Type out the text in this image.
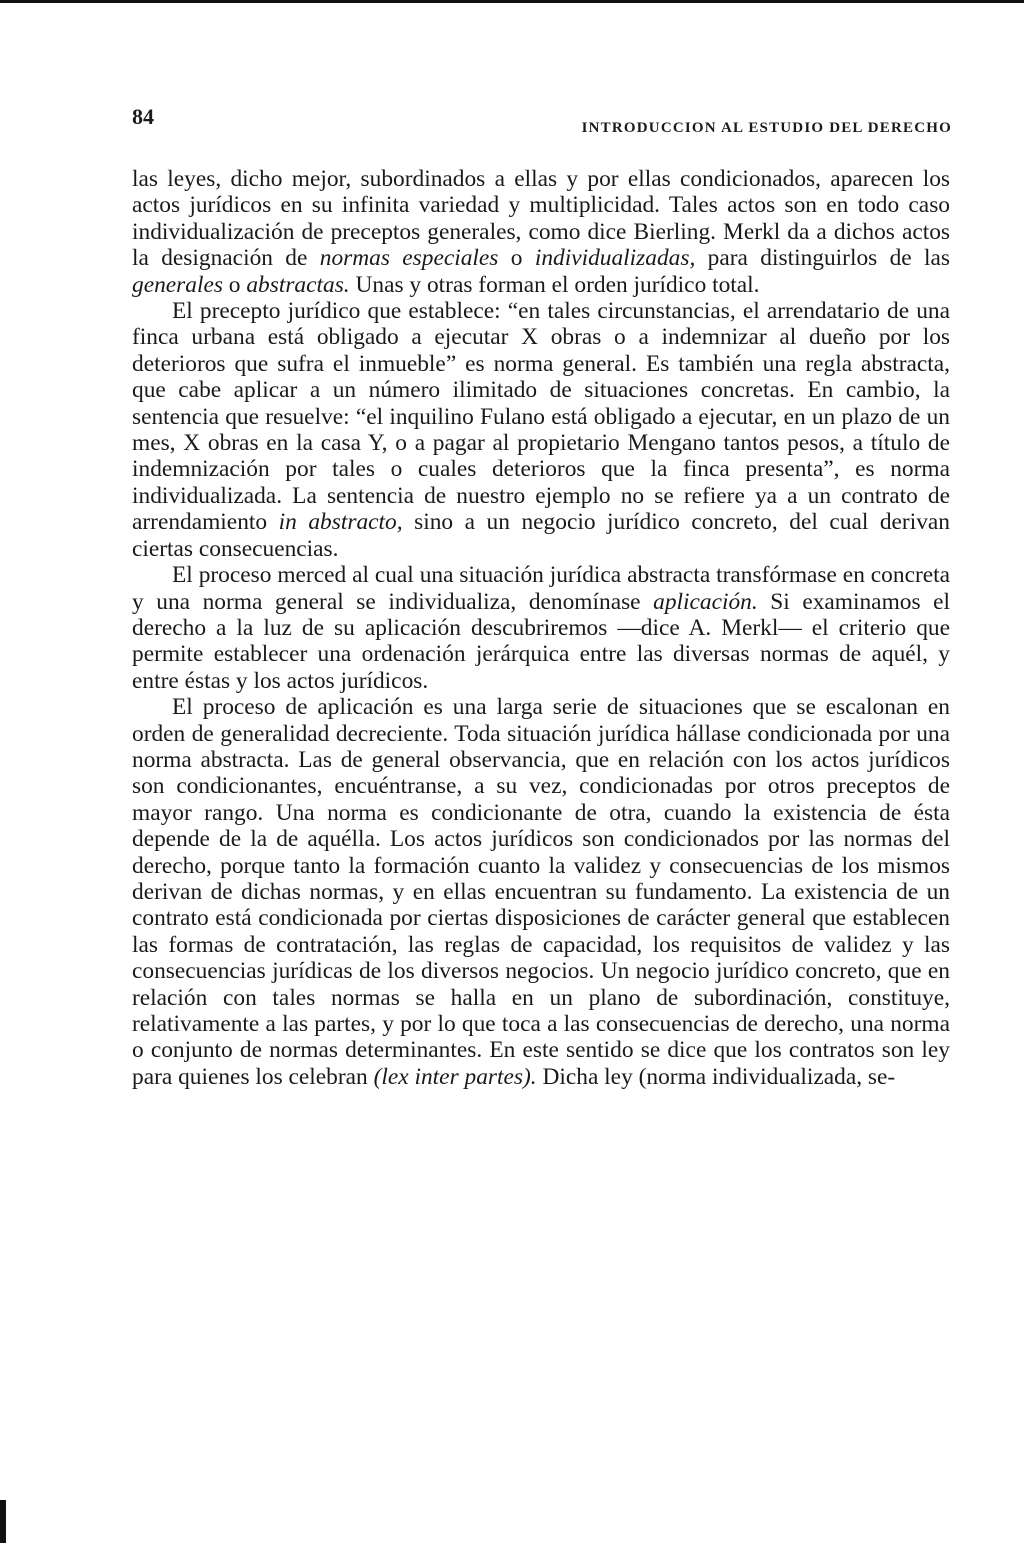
84	INTRODUCCION AL ESTUDIO DEL DERECHO

las leyes, dicho mejor, subordinados a ellas y por ellas condicionados, aparecen los actos jurídicos en su infinita variedad y multiplicidad. Tales actos son en todo caso individualización de preceptos generales, como dice Bierling. Merkl da a dichos actos la designación de normas especiales o individualizadas, para distinguirlos de las generales o abstractas. Unas y otras forman el orden jurídico total.

El precepto jurídico que establece: “en tales circunstancias, el arrendatario de una finca urbana está obligado a ejecutar X obras o a indemnizar al dueño por los deterioros que sufra el inmueble” es norma general. Es también una regla abstracta, que cabe aplicar a un número ilimitado de situaciones concretas. En cambio, la sentencia que resuelve: “el inquilino Fulano está obligado a ejecutar, en un plazo de un mes, X obras en la casa Y, o a pagar al propietario Mengano tantos pesos, a título de indemnización por tales o cuales deterioros que la finca presenta”, es norma individualizada. La sentencia de nuestro ejemplo no se refiere ya a un contrato de arrendamiento in abstracto, sino a un negocio jurídico concreto, del cual derivan ciertas consecuencias.

El proceso merced al cual una situación jurídica abstracta transfórmase en concreta y una norma general se individualiza, denomínase aplicación. Si examinamos el derecho a la luz de su aplicación descubriremos —dice A. Merkl— el criterio que permite establecer una ordenación jerárquica entre las diversas normas de aquél, y entre éstas y los actos jurídicos.

El proceso de aplicación es una larga serie de situaciones que se escalonan en orden de generalidad decreciente. Toda situación jurídica hállase condicionada por una norma abstracta. Las de general observancia, que en relación con los actos jurídicos son condicionantes, encuéntranse, a su vez, condicionadas por otros preceptos de mayor rango. Una norma es condicionante de otra, cuando la existencia de ésta depende de la de aquélla. Los actos jurídicos son condicionados por las normas del derecho, porque tanto la formación cuanto la validez y consecuencias de los mismos derivan de dichas normas, y en ellas encuentran su fundamento. La existencia de un contrato está condicionada por ciertas disposiciones de carácter general que establecen las formas de contratación, las reglas de capacidad, los requisitos de validez y las consecuencias jurídicas de los diversos negocios. Un negocio jurídico concreto, que en relación con tales normas se halla en un plano de subordinación, constituye, relativamente a las partes, y por lo que toca a las consecuencias de derecho, una norma o conjunto de normas determinantes. En este sentido se dice que los contratos son ley para quienes los celebran (lex inter partes). Dicha ley (norma individualizada, se-
